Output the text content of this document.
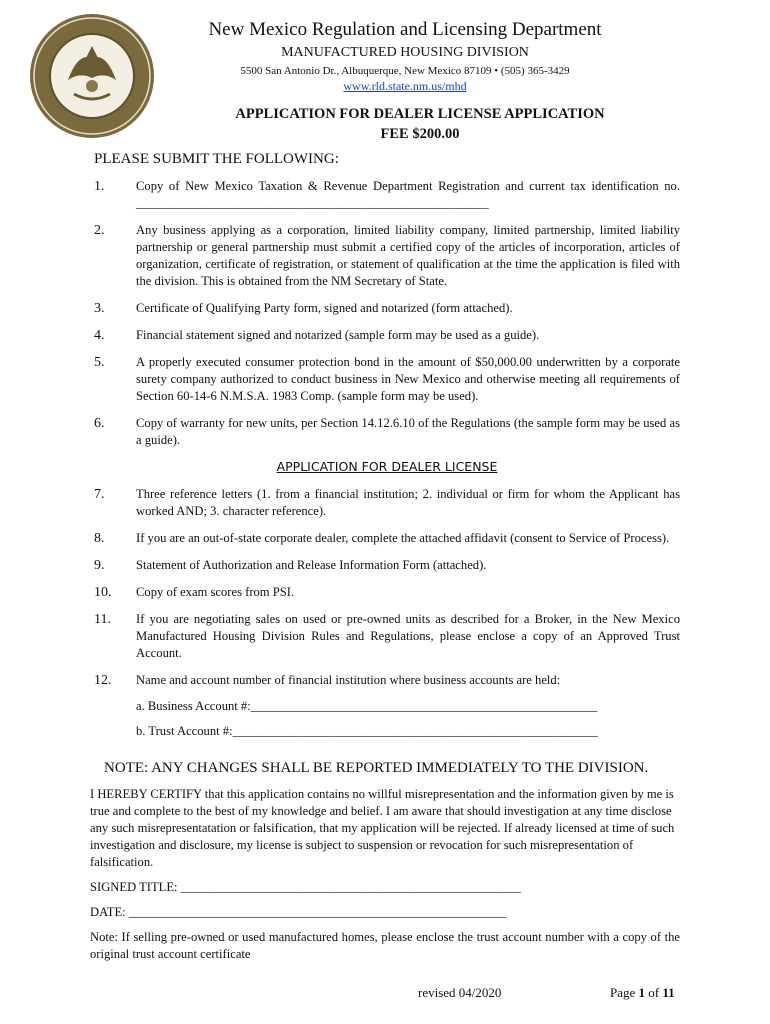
New Mexico Regulation and Licensing Department
MANUFACTURED HOUSING DIVISION
5500 San Antonio Dr., Albuquerque, New Mexico 87109 • (505) 365-3429
www.rld.state.nm.us/mhd
APPLICATION FOR DEALER LICENSE APPLICATION
FEE $200.00
PLEASE SUBMIT THE FOLLOWING:
1.	Copy of New Mexico Taxation & Revenue Department Registration and current tax identification no. ________________________________________________________
2.	Any business applying as a corporation, limited liability company, limited partnership, limited liability partnership or general partnership must submit a certified copy of the articles of incorporation, articles of organization, certificate of registration, or statement of qualification at the time the application is filed with the division. This is obtained from the NM Secretary of State.
3.	Certificate of Qualifying Party form, signed and notarized (form attached).
4.	Financial statement signed and notarized (sample form may be used as a guide).
5.	A properly executed consumer protection bond in the amount of $50,000.00 underwritten by a corporate surety company authorized to conduct business in New Mexico and otherwise meeting all requirements of Section 60-14-6 N.M.S.A. 1983 Comp. (sample form may be used).
6.	Copy of warranty for new units, per Section 14.12.6.10 of the Regulations (the sample form may be used as a guide).
APPLICATION FOR DEALER LICENSE
7.	Three reference letters (1. from a financial institution; 2. individual or firm for whom the Applicant has worked AND; 3. character reference).
8.	If you are an out-of-state corporate dealer, complete the attached affidavit (consent to Service of Process).
9.	Statement of Authorization and Release Information Form (attached).
10.	Copy of exam scores from PSI.
11.	If you are negotiating sales on used or pre-owned units as described for a Broker, in the New Mexico Manufactured Housing Division Rules and Regulations, please enclose a copy of an Approved Trust Account.
12.	Name and account number of financial institution where business accounts are held:
a. Business Account #:_______________________________________________________
b. Trust Account #:__________________________________________________________
NOTE: ANY CHANGES SHALL BE REPORTED IMMEDIATELY TO THE DIVISION.
I HEREBY CERTIFY that this application contains no willful misrepresentation and the information given by me is true and complete to the best of my knowledge and belief. I am aware that should investigation at any time disclose any such misrepresentatation or falsification, that my application will be rejected. If already licensed at time of such investigation and disclosure, my license is subject to suspension or revocation for such misrepresentation of falsification.
SIGNED TITLE: ______________________________________________________
DATE: ____________________________________________________________
Note: If selling pre-owned or used manufactured homes, please enclose the trust account number with a copy of the original trust account certificate
revised 04/2020	Page 1 of 11
